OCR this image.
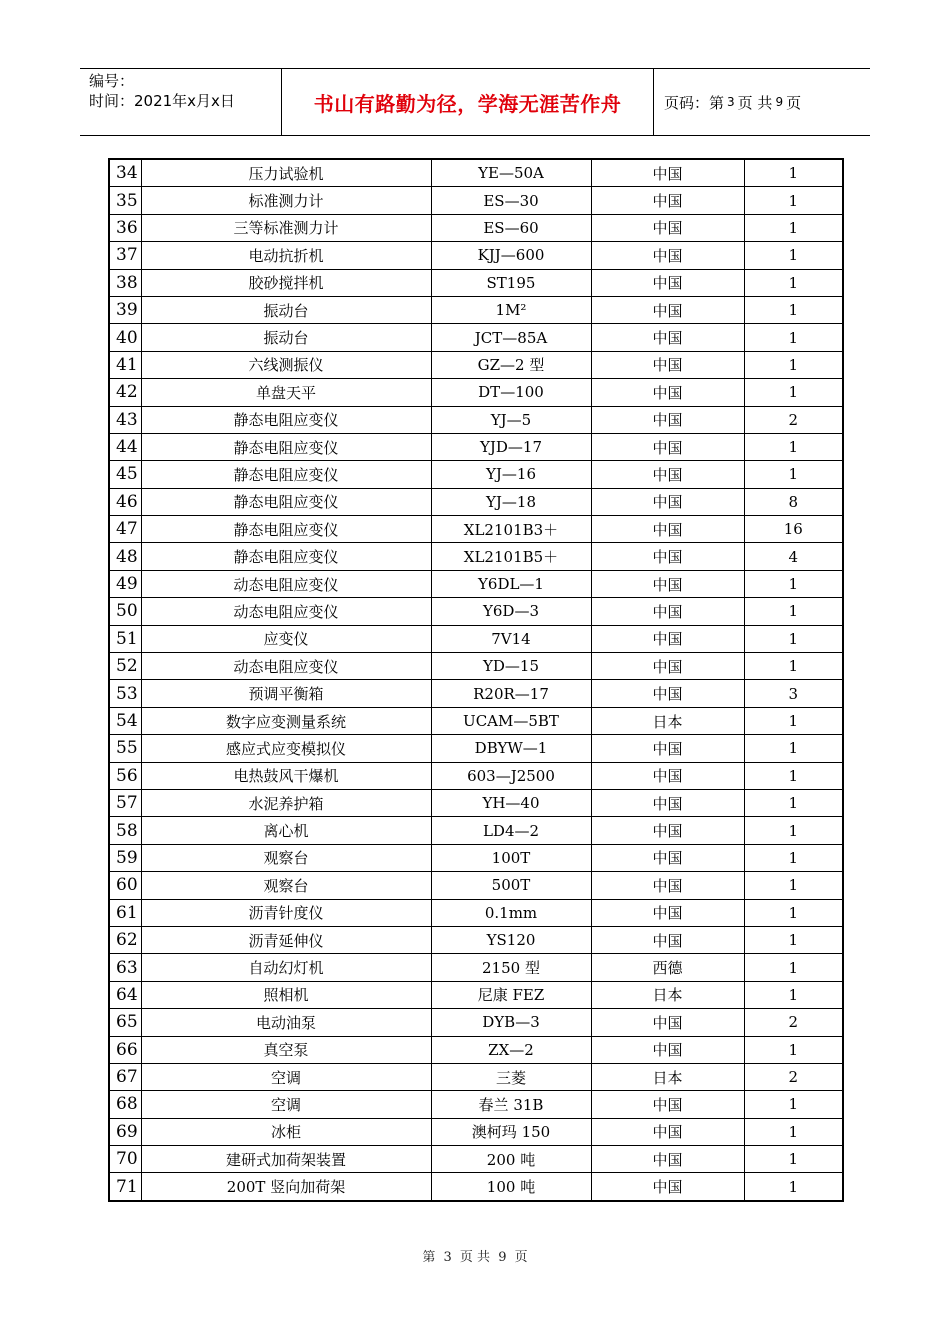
编号：
时间：2021年x月x日	书山有路勤为径，学海无涯苦作舟	页码：第 3 页 共 9 页
34	压力试验机	YE—50A	中国	1
35	标准测力计	ES—30	中国	1
36	三等标准测力计	ES—60	中国	1
37	电动抗折机	KJJ—600	中国	1
38	胶砂搅拌机	ST195	中国	1
39	振动台	1M²	中国	1
40	振动台	JCT—85A	中国	1
41	六线测振仪	GZ—2 型	中国	1
42	单盘天平	DT—100	中国	1
43	静态电阻应变仪	YJ—5	中国	2
44	静态电阻应变仪	YJD—17	中国	1
45	静态电阻应变仪	YJ—16	中国	1
46	静态电阻应变仪	YJ—18	中国	8
47	静态电阻应变仪	XL2101B3＋	中国	16
48	静态电阻应变仪	XL2101B5＋	中国	4
49	动态电阻应变仪	Y6DL—1	中国	1
50	动态电阻应变仪	Y6D—3	中国	1
51	应变仪	7V14	中国	1
52	动态电阻应变仪	YD—15	中国	1
53	预调平衡箱	R20R—17	中国	3
54	数字应变测量系统	UCAM—5BT	日本	1
55	感应式应变模拟仪	DBYW—1	中国	1
56	电热鼓风干爆机	603—J2500	中国	1
57	水泥养护箱	YH—40	中国	1
58	离心机	LD4—2	中国	1
59	观察台	100T	中国	1
60	观察台	500T	中国	1
61	沥青针度仪	0.1mm	中国	1
62	沥青延伸仪	YS120	中国	1
63	自动幻灯机	2150 型	西德	1
64	照相机	尼康 FEZ	日本	1
65	电动油泵	DYB—3	中国	2
66	真空泵	ZX—2	中国	1
67	空调	三菱	日本	2
68	空调	春兰 31B	中国	1
69	冰柜	澳柯玛 150	中国	1
70	建研式加荷架装置	200 吨	中国	1
71	200T 竖向加荷架	100 吨	中国	1
第 3 页 共 9 页
